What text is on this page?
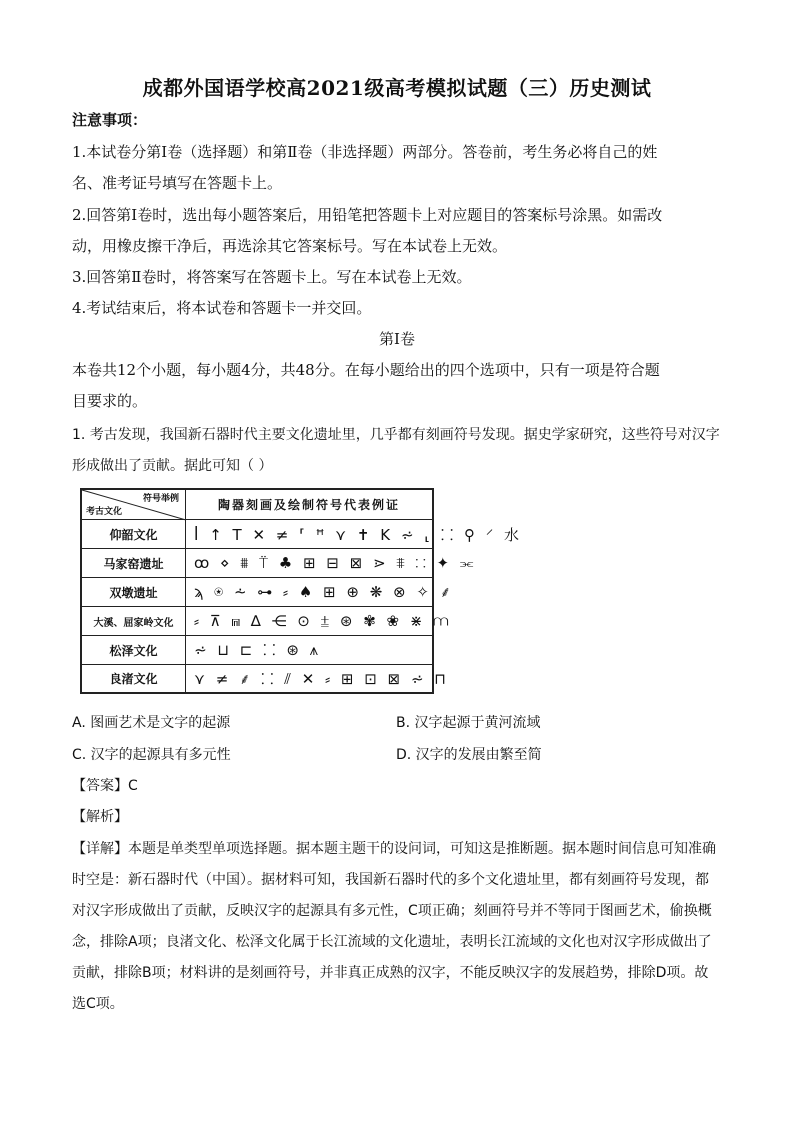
成都外国语学校高2021级高考模拟试题（三）历史测试
注意事项：
1.本试卷分第Ⅰ卷（选择题）和第Ⅱ卷（非选择题）两部分。答卷前，考生务必将自己的姓
名、准考证号填写在答题卡上。
2.回答第Ⅰ卷时，选出每小题答案后，用铅笔把答题卡上对应题目的答案标号涂黑。如需改
动，用橡皮擦干净后，再选涂其它答案标号。写在本试卷上无效。
3.回答第Ⅱ卷时，将答案写在答题卡上。写在本试卷上无效。
4.考试结束后，将本试卷和答题卡一并交回。
第Ⅰ卷
本卷共12个小题，每小题4分，共48分。在每小题给出的四个选项中，只有一项是符合题
目要求的。
1. 考古发现，我国新石器时代主要文化遗址里，几乎都有刻画符号发现。据史学家研究，这些符号对汉字
形成做出了贡献。据此可知（ ）
符号举例
考古文化	陶器刻画及绘制符号代表例证
仰韶文化	ꟾ ↑ T ✕ ≠ ⸢ ꟸ ⋎ ✝ K ⩫ ⸤ ⸬ ⚲ ⸍ 水
马家窑遗址	ꝏ ⋄ ⩩ ⍡ ♣ ⊞ ⊟ ⊠ ⋗ ⩨ ⸬ ✦ ⫘
双墩遗址	ϡ ⍟ ⩪ ⊶ ⸗ ♠ ⊞ ⊕ ❋ ⊗ ✧ ⸙
大溪、屈家岭文化	⸗ ⊼ ⩎ ∆ ⋲ ⊙ ⩲ ⊛ ✾ ❀ ⋇ ⩋
松泽文化	⩫ ⊔ ⊏ ⸬ ⊛ ⩚
良渚文化	⋎ ≠ ⸙ ⸬ ⫽ ✕ ⸗ ⊞ ⊡ ⊠ ⩫ ⊓
A. 图画艺术是文字的起源	B. 汉字起源于黄河流域
C. 汉字的起源具有多元性	D. 汉字的发展由繁至简
【答案】C
【解析】
【详解】本题是单类型单项选择题。据本题主题干的设问词，可知这是推断题。据本题时间信息可知准确
时空是：新石器时代（中国）。据材料可知，我国新石器时代的多个文化遗址里，都有刻画符号发现，都
对汉字形成做出了贡献，反映汉字的起源具有多元性，C项正确；刻画符号并不等同于图画艺术，偷换概
念，排除A项；良渚文化、松泽文化属于长江流域的文化遗址，表明长江流域的文化也对汉字形成做出了
贡献，排除B项；材料讲的是刻画符号，并非真正成熟的汉字，不能反映汉字的发展趋势，排除D项。故
选C项。
